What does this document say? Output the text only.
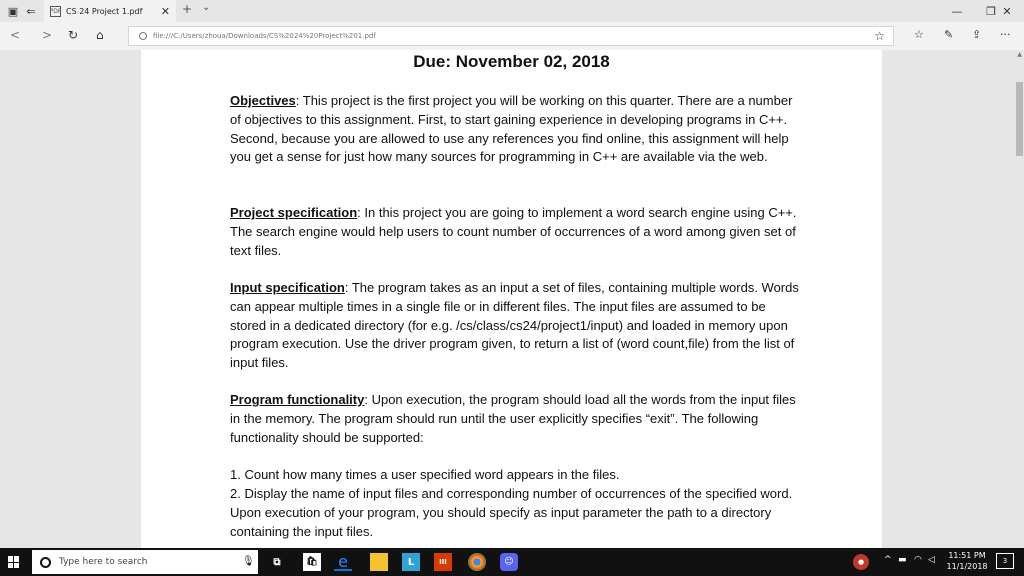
▣ ⇐	PDF CS 24 Project 1.pdf	✕ + ⌄	—	❐ ✕
< > ↻ ⌂	file:///C:/Users/zhoua/Downloads/CS%2024%20Project%201.pdf	☆	☆ ✎ ⇪ ···
Due: November 02, 2018

Objectives: This project is the first project you will be working on this quarter. There are a number of objectives to this assignment. First, to start gaining experience in developing programs in C++. Second, because you are allowed to use any references you find online, this assignment will help you get a sense for just how many sources for programming in C++ are available via the web.

Project specification: In this project you are going to implement a word search engine using C++. The search engine would help users to count number of occurrences of a word among given set of text files.

Input specification: The program takes as an input a set of files, containing multiple words. Words can appear multiple times in a single file or in different files. The input files are assumed to be stored in a dedicated directory (for e.g. /cs/class/cs24/project1/input) and loaded in memory upon program execution. Use the driver program given, to return a list of (word count,file) from the list of input files.

Program functionality: Upon execution, the program should load all the words from the input files in the memory. The program should run until the user explicitly specifies “exit”. The following functionality should be supported:

1. Count how many times a user specified word appears in the files.

2. Display the name of input files and corresponding number of occurrences of the specified word. Upon execution of your program, you should specify as input parameter the path to a directory containing the input files.

▲
Type here to search	🎙︎	⧉	🛍︎ e	L	III	☺	●	^ ▬ ◠ ◁	11:51 PM
11/1/2018
3
